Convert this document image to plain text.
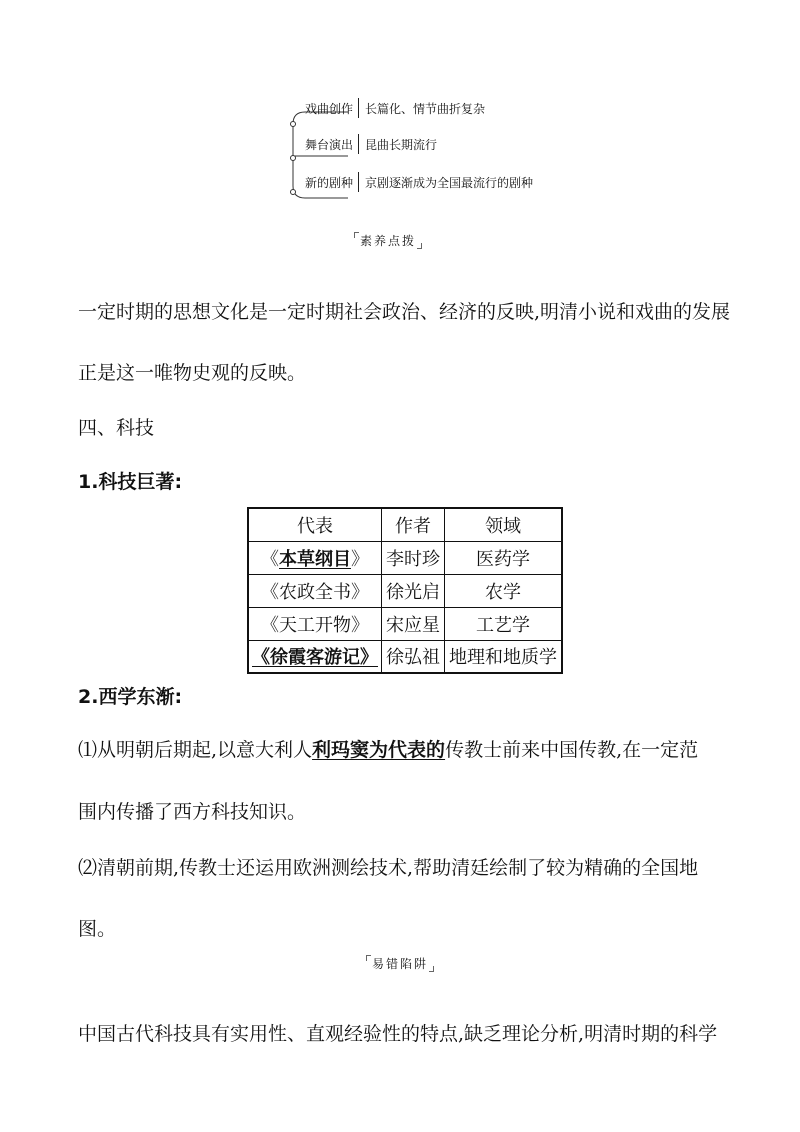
戏曲创作	长篇化、情节曲折复杂
舞台演出	昆曲长期流行
新的剧种	京剧逐渐成为全国最流行的剧种
素养点拨
一定时期的思想文化是一定时期社会政治、经济的反映,明清小说和戏曲的发展
正是这一唯物史观的反映。
四、科技
1.科技巨著:
代表	作者	领域
《本草纲目》	李时珍	医药学
《农政全书》	徐光启	农学
《天工开物》	宋应星	工艺学
《徐霞客游记》	徐弘祖	地理和地质学
2.西学东渐:
⑴从明朝后期起,以意大利人利玛窦为代表的传教士前来中国传教,在一定范
围内传播了西方科技知识。
⑵清朝前期,传教士还运用欧洲测绘技术,帮助清廷绘制了较为精确的全国地
图。
易错陷阱
中国古代科技具有实用性、直观经验性的特点,缺乏理论分析,明清时期的科学
